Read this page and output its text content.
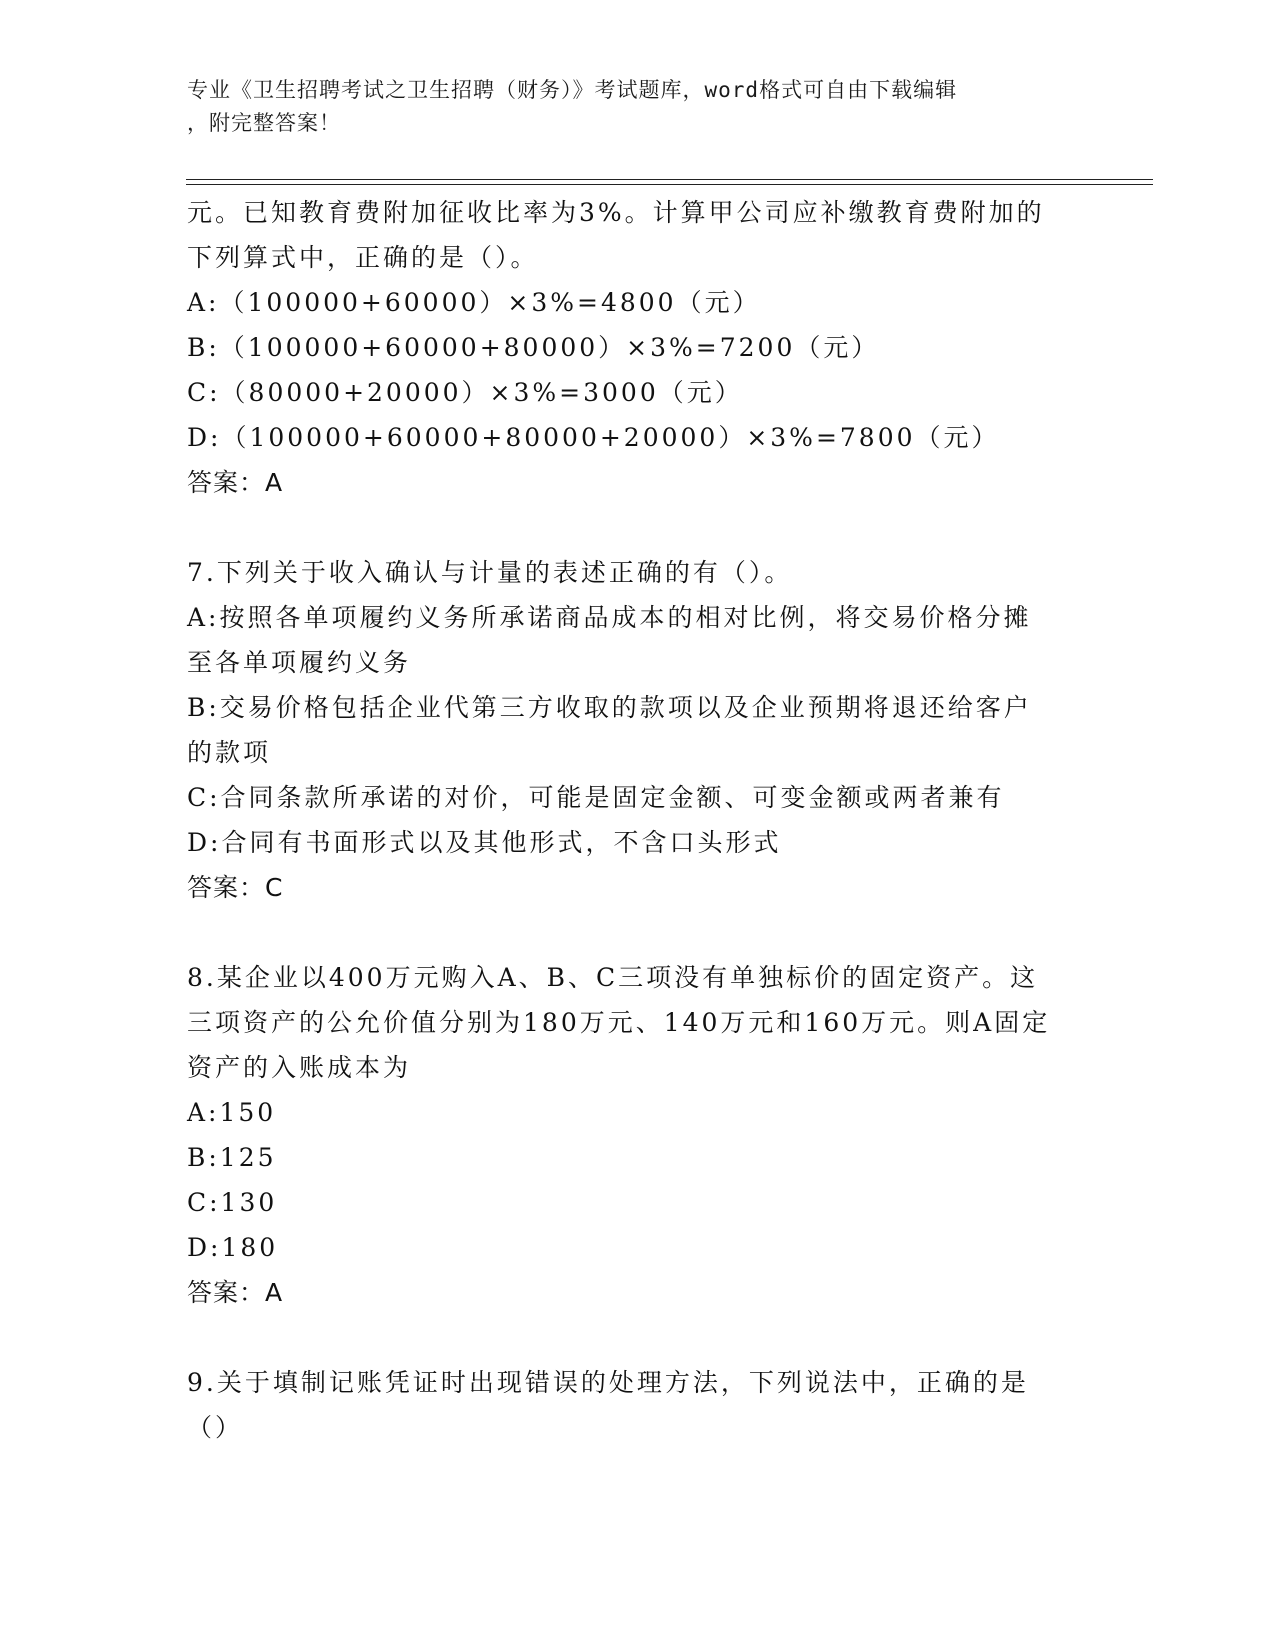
专业《卫生招聘考试之卫生招聘（财务）》考试题库，word格式可自由下载编辑
，附完整答案！
元。已知教育费附加征收比率为3%。计算甲公司应补缴教育费附加的
下列算式中，正确的是（）。
A:（100000+60000）×3%=4800（元）
B:（100000+60000+80000）×3%=7200（元）
C:（80000+20000）×3%=3000（元）
D:（100000+60000+80000+20000）×3%=7800（元）
答案：A
7.下列关于收入确认与计量的表述正确的有（）。
A:按照各单项履约义务所承诺商品成本的相对比例，将交易价格分摊
至各单项履约义务
B:交易价格包括企业代第三方收取的款项以及企业预期将退还给客户
的款项
C:合同条款所承诺的对价，可能是固定金额、可变金额或两者兼有
D:合同有书面形式以及其他形式，不含口头形式
答案：C
8.某企业以400万元购入A、B、C三项没有单独标价的固定资产。这
三项资产的公允价值分别为180万元、140万元和160万元。则A固定
资产的入账成本为
A:150
B:125
C:130
D:180
答案：A
9.关于填制记账凭证时出现错误的处理方法，下列说法中，正确的是
（）
